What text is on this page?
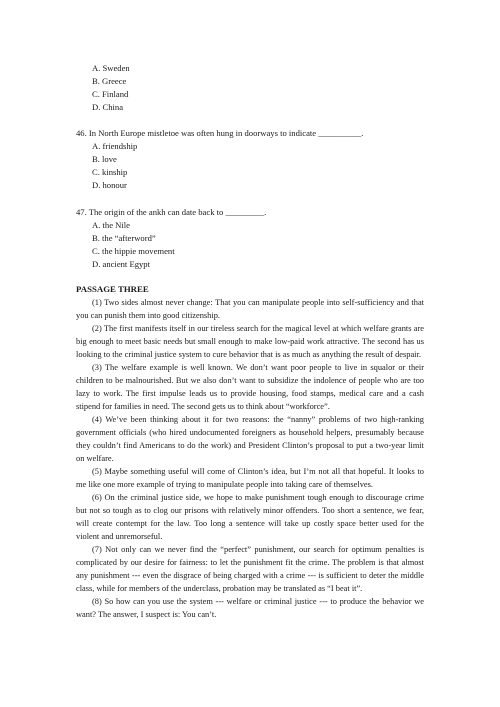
A. Sweden
B. Greece
C. Finland
D. China
46. In North Europe mistletoe was often hung in doorways to indicate __________.
A. friendship
B. love
C. kinship
D. honour
47. The origin of the ankh can date back to _________.
A. the Nile
B. the “afterword”
C. the hippie movement
D. ancient Egypt
PASSAGE THREE

(1) Two sides almost never change: That you can manipulate people into self-sufficiency and that you can punish them into good citizenship.

(2) The first manifests itself in our tireless search for the magical level at which welfare grants are big enough to meet basic needs but small enough to make low-paid work attractive. The second has us looking to the criminal justice system to cure behavior that is as much as anything the result of despair.

(3) The welfare example is well known. We don’t want poor people to live in squalor or their children to be malnourished. But we also don’t want to subsidize the indolence of people who are too lazy to work. The first impulse leads us to provide housing, food stamps, medical care and a cash stipend for families in need. The second gets us to think about “workforce”.

(4) We’ve been thinking about it for two reasons: the “nanny” problems of two high-ranking government officials (who hired undocumented foreigners as household helpers, presumably because they couldn’t find Americans to do the work) and President Clinton’s proposal to put a two-year limit on welfare.

(5) Maybe something useful will come of Clinton’s idea, but I’m not all that hopeful. It looks to me like one more example of trying to manipulate people into taking care of themselves.

(6) On the criminal justice side, we hope to make punishment tough enough to discourage crime but not so tough as to clog our prisons with relatively minor offenders. Too short a sentence, we fear, will create contempt for the law. Too long a sentence will take up costly space better used for the violent and unremorseful.

(7) Not only can we never find the “perfect” punishment, our search for optimum penalties is complicated by our desire for fairness: to let the punishment fit the crime. The problem is that almost any punishment --- even the disgrace of being charged with a crime --- is sufficient to deter the middle class, while for members of the underclass, probation may be translated as “I beat it”.

(8) So how can you use the system --- welfare or criminal justice --- to produce the behavior we want? The answer, I suspect is: You can’t.
